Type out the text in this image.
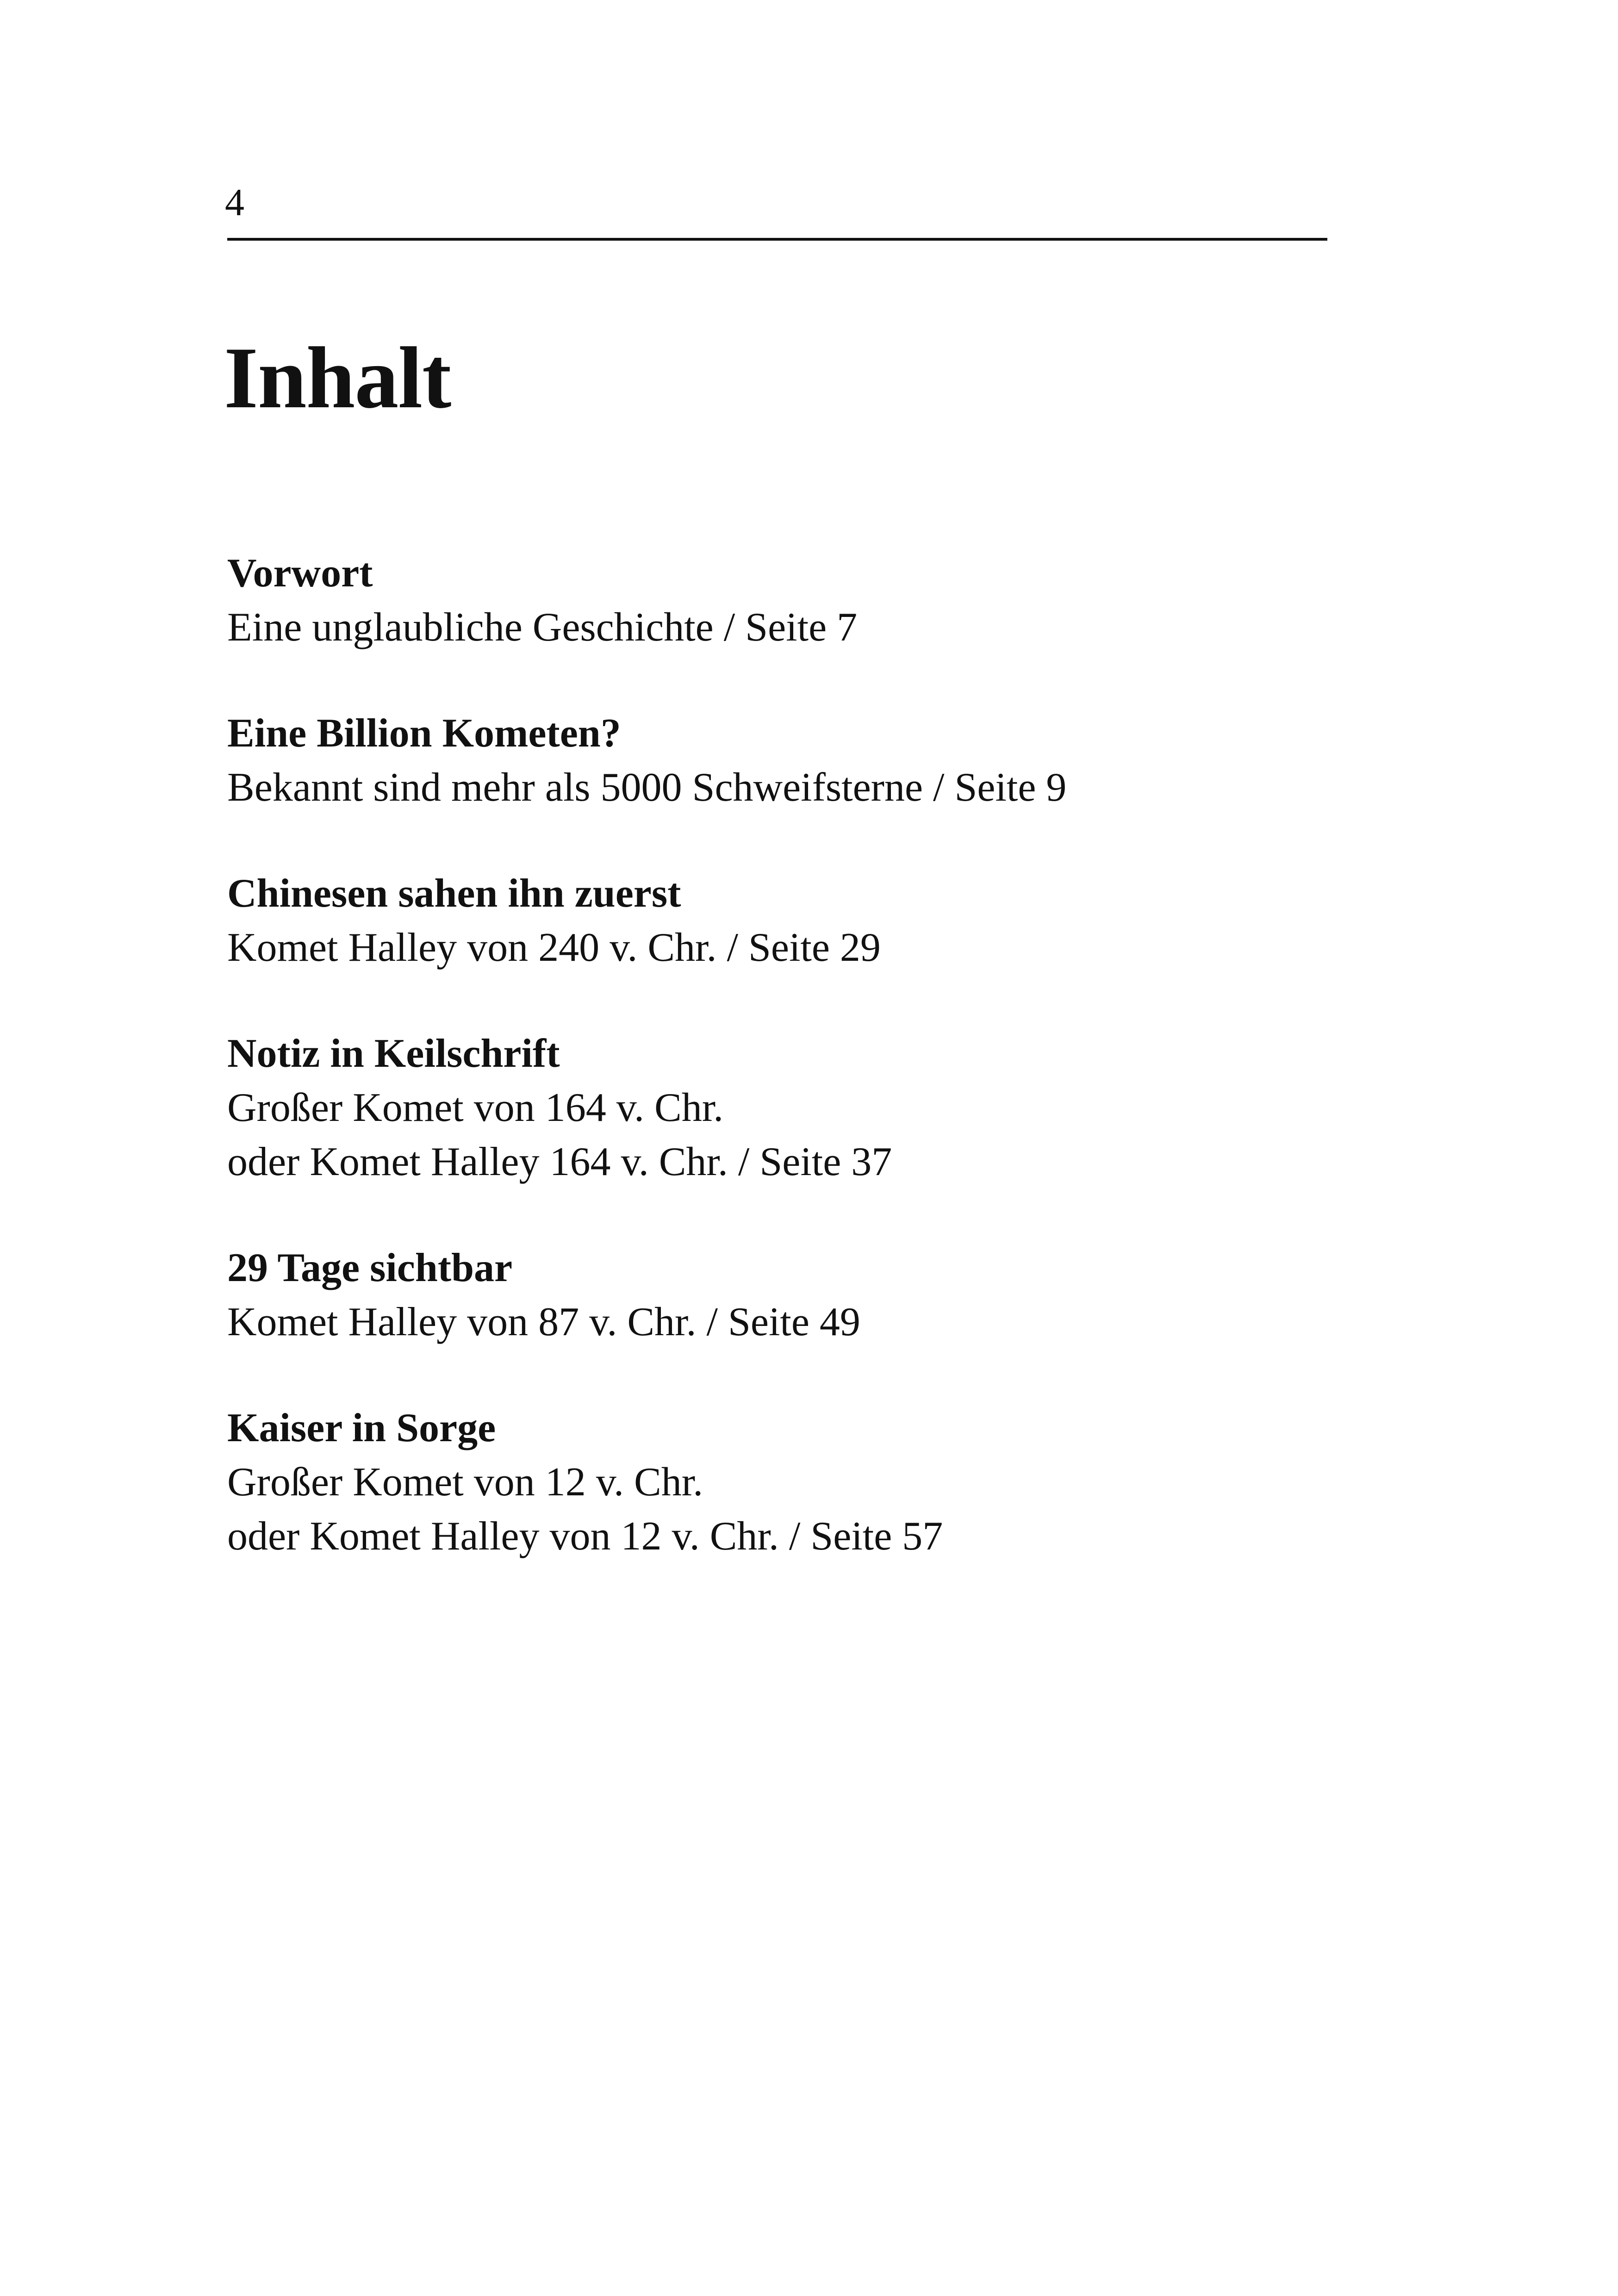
4
Inhalt
Vorwort
Eine unglaubliche Geschichte / Seite 7
Eine Billion Kometen?
Bekannt sind mehr als 5000 Schweifsterne / Seite 9
Chinesen sahen ihn zuerst
Komet Halley von 240 v. Chr. / Seite 29
Notiz in Keilschrift
Großer Komet von 164 v. Chr.
oder Komet Halley 164 v. Chr. / Seite 37
29 Tage sichtbar
Komet Halley von 87 v. Chr. / Seite 49
Kaiser in Sorge
Großer Komet von 12 v. Chr.
oder Komet Halley von 12 v. Chr. / Seite 57
